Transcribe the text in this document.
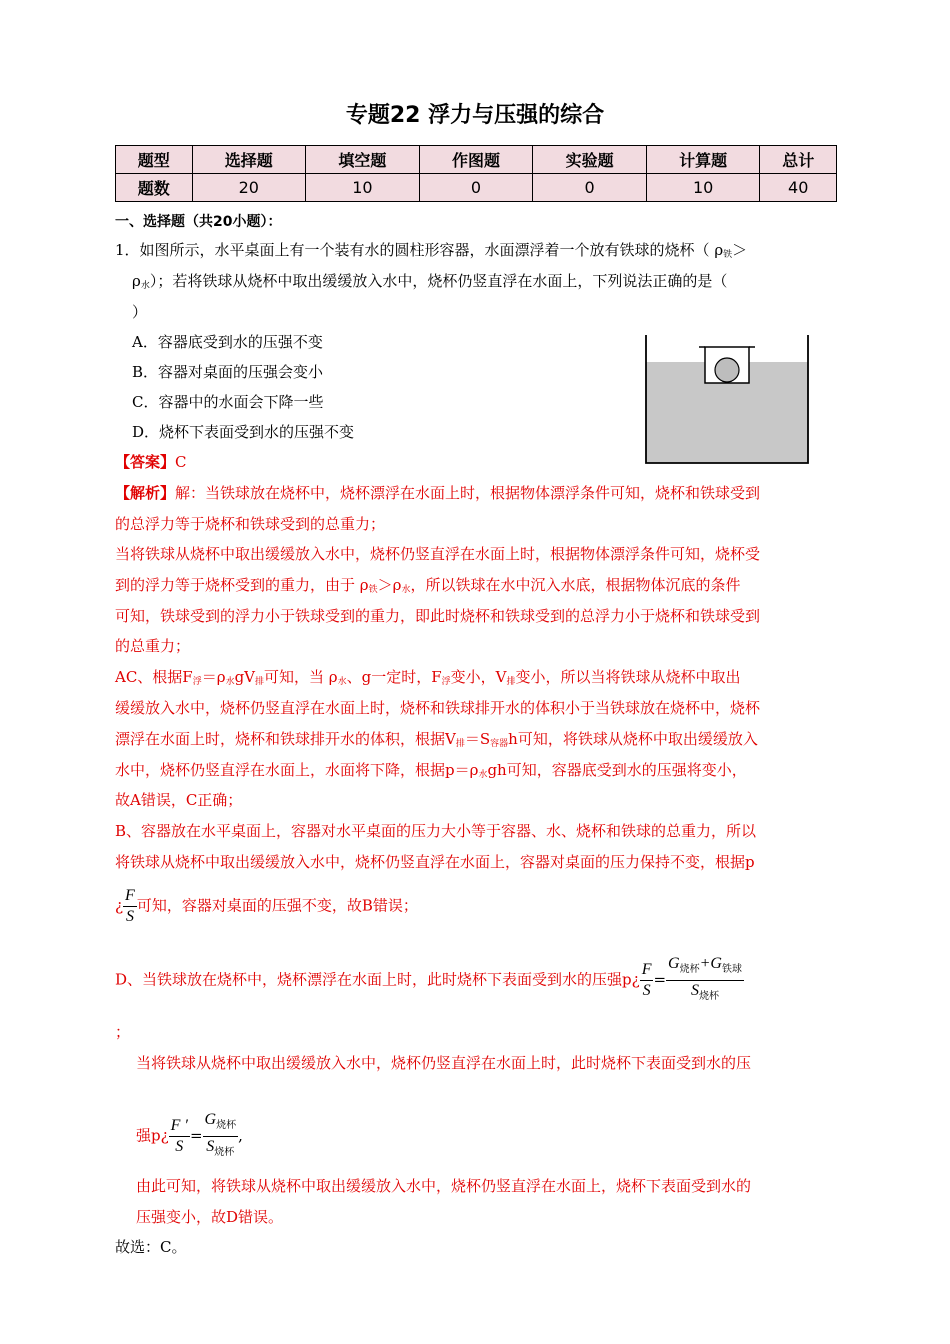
专题22 浮力与压强的综合
题型	选择题	填空题	作图题	实验题	计算题	总计
题数	20	10	0	0	10	40
一、选择题（共20小题）：
1．如图所示，水平桌面上有一个装有水的圆柱形容器，水面漂浮着一个放有铁球的烧杯（ $\rho_铁>$
$\rho_水$）；若将铁球从烧杯中取出缓缓放入水中，烧杯仍竖直浮在水面上，下列说法正确的是（
）
A．容器底受到水的压强不变
B．容器对桌面的压强会变小
C．容器中的水面会下降一些
D．烧杯下表面受到水的压强不变
【答案】C
【解析】解：当铁球放在烧杯中，烧杯漂浮在水面上时，根据物体漂浮条件可知，烧杯和铁球受到
的总浮力等于烧杯和铁球受到的总重力；
当将铁球从烧杯中取出缓缓放入水中，烧杯仍竖直浮在水面上时，根据物体漂浮条件可知，烧杯受
到的浮力等于烧杯受到的重力，由于 $\rho_铁>\rho_水$，所以铁球在水中沉入水底，根据物体沉底的条件
可知，铁球受到的浮力小于铁球受到的重力，即此时烧杯和铁球受到的总浮力小于烧杯和铁球受到
的总重力；
AC、根据$F_浮=\rho_水gV_排$可知，当 $\rho_水$、g一定时，$F_浮$变小，$V_排$变小，所以当将铁球从烧杯中取出
缓缓放入水中，烧杯仍竖直浮在水面上时，烧杯和铁球排开水的体积小于当铁球放在烧杯中，烧杯
漂浮在水面上时，烧杯和铁球排开水的体积，根据$V_排=S_{容器}h$可知，将铁球从烧杯中取出缓缓放入
水中，烧杯仍竖直浮在水面上，水面将下降，根据$p=\rho_水gh$可知，容器底受到水的压强将变小，
故A错误，C正确；
B、容器放在水平桌面上，容器对水平桌面的压力大小等于容器、水、烧杯和铁球的总重力，所以
将铁球从烧杯中取出缓缓放入水中，烧杯仍竖直浮在水面上，容器对桌面的压力保持不变，根据p
¿ $\frac{F}{S}$ 可知，容器对桌面的压强不变，故B错误；
D、当铁球放在烧杯中，烧杯漂浮在水面上时，此时烧杯下表面受到水的压强p¿ $\frac{F}{S} = \frac{G_{烧杯}+G_{铁球}}{S_{烧杯}}$
；
当将铁球从烧杯中取出缓缓放入水中，烧杯仍竖直浮在水面上时，此时烧杯下表面受到水的压
强p¿ $\frac{F '}{S} = \frac{G_{烧杯}}{S_{烧杯}}$ ,
由此可知，将铁球从烧杯中取出缓缓放入水中，烧杯仍竖直浮在水面上，烧杯下表面受到水的
压强变小，故D错误。
故选：C。
